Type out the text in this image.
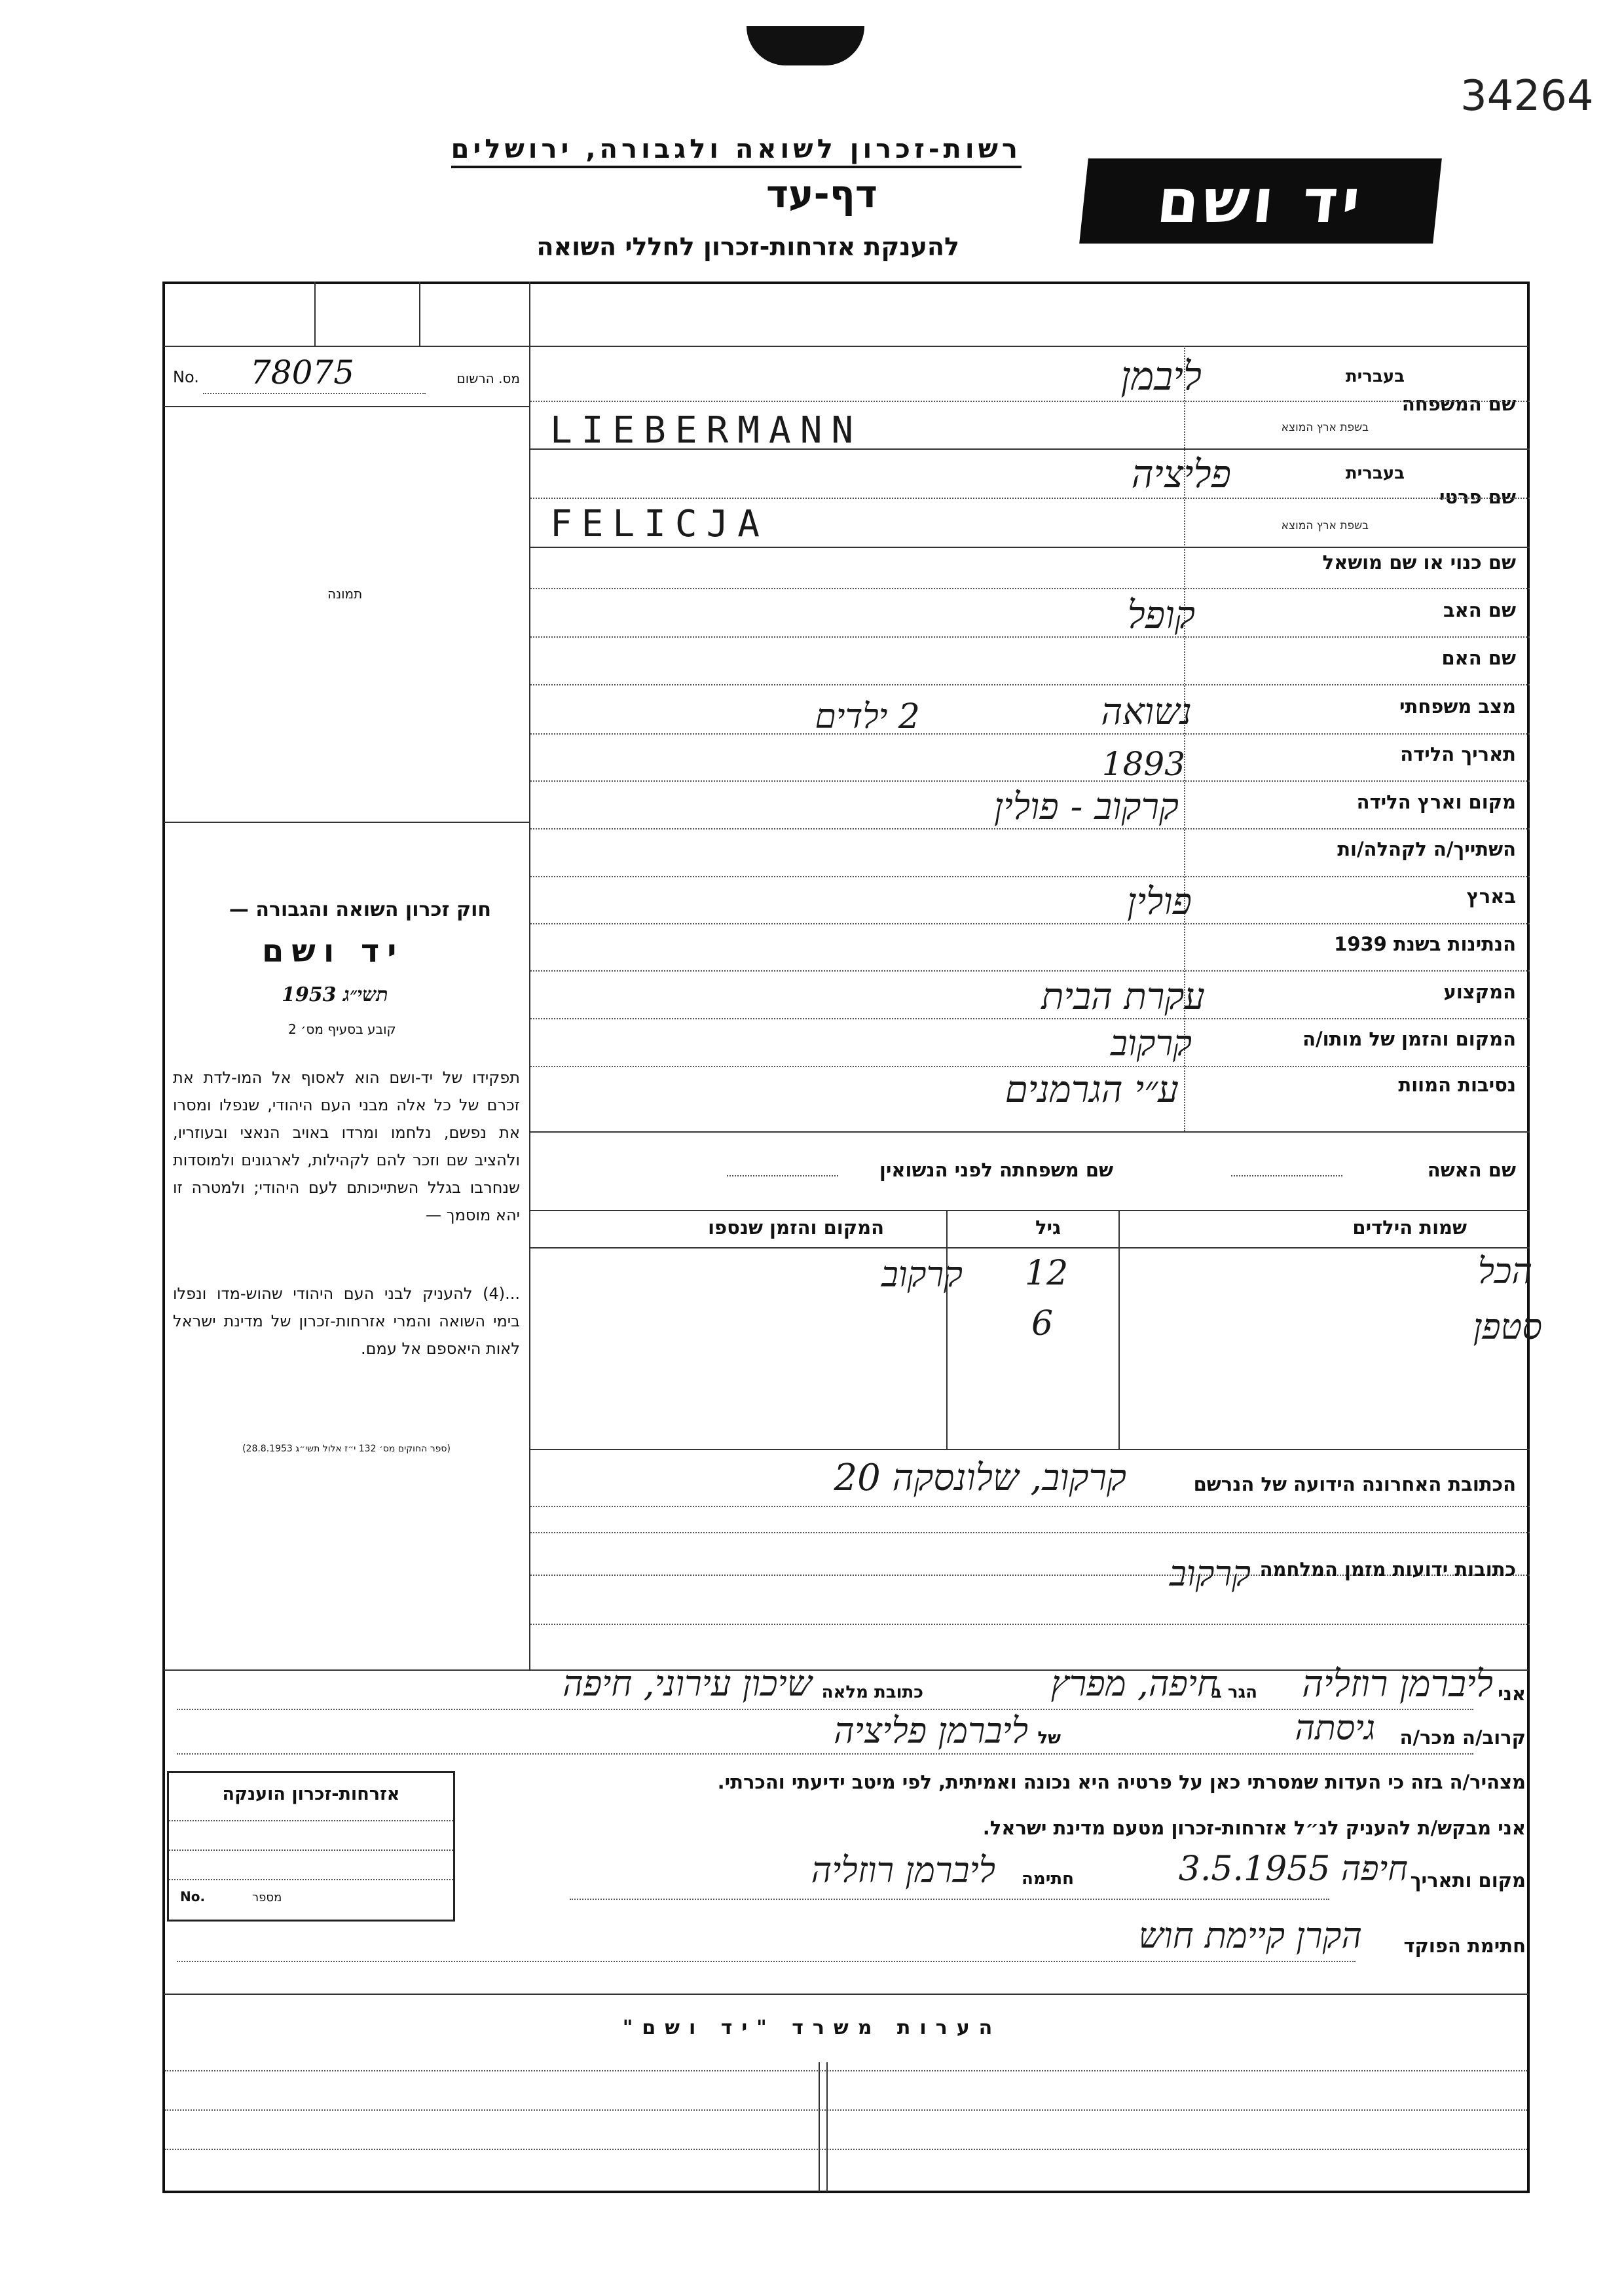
34264
רשות-זכרון לשואה ולגבורה, ירושלים
דף-עד
להענקת אזרחות-זכרון לחללי השואה
יד ושם
No. 78075	מס. הרשום
תמונה
שם המשפחה
בעברית
בשפת ארץ המוצא
ליבמן
LIEBERMANN
שם פרטי
בעברית
בשפת ארץ המוצא
פליציה
FELICJA
שם כנוי או שם מושאל
שם האב
קופל
שם האם
מצב משפחתי
נשואה
2 ילדים
תאריך הלידה
1893
מקום וארץ הלידה
קרקוב - פולין
השתייך/ה לקהלה/ות
בארץ
פולין
הנתינות בשנת 1939
המקצוע
עקרת הבית
המקום והזמן של מותו/ה
קרקוב
נסיבות המוות
ע״י הגרמנים
שם האשה
שם משפחתה לפני הנשואין
שמות הילדים
גיל
המקום והזמן שנספו
הכל
12
קרקוב
סטפן
6
חוק זכרון השואה והגבורה —
יד ושם
תשי״ג 1953
קובע בסעיף מס׳ 2
תפקידו של יד-ושם הוא לאסוף אל המו-לדת את זכרם של כל אלה מבני העם היהודי, שנפלו ומסרו את נפשם, נלחמו ומרדו באויב הנאצי ובעוזריו, ולהציב שם וזכר להם לקהילות, לארגונים ולמוסדות שנחרבו בגלל השתייכותם לעם היהודי; ולמטרה זו יהא מוסמך —
...(4) להעניק לבני העם היהודי שהוש-מדו ונפלו בימי השואה והמרי אזרחות-זכרון של מדינת ישראל לאות היאספם אל עמם.
(ספר החוקים מס׳ 132 י״ז אלול תשי״ג 28.8.1953)
הכתובת האחרונה הידועה של הנרשם
קרקוב, שלונסקה 20
כתובות ידועות מזמן המלחמה
קרקוב
אני
ליברמן רוזליה
הגר ב
חיפה, מפרץ
כתובת מלאה
שיכון עירוני, חיפה
קרוב/ה מכר/ה
גיסתה
של
ליברמן פליציה
מצהיר/ה בזה כי העדות שמסרתי כאן על פרטיה היא נכונה ואמיתית, לפי מיטב ידיעתי והכרתי.
אני מבקש/ת להעניק לנ״ל אזרחות-זכרון מטעם מדינת ישראל.
מקום ותאריך
חיפה 3.5.1955
חתימה
ליברמן רוזליה
חתימת הפוקד
הקרן קיימת חוש
אזרחות-זכרון הוענקה
No.	מספר
הערות משרד "יד ושם"
